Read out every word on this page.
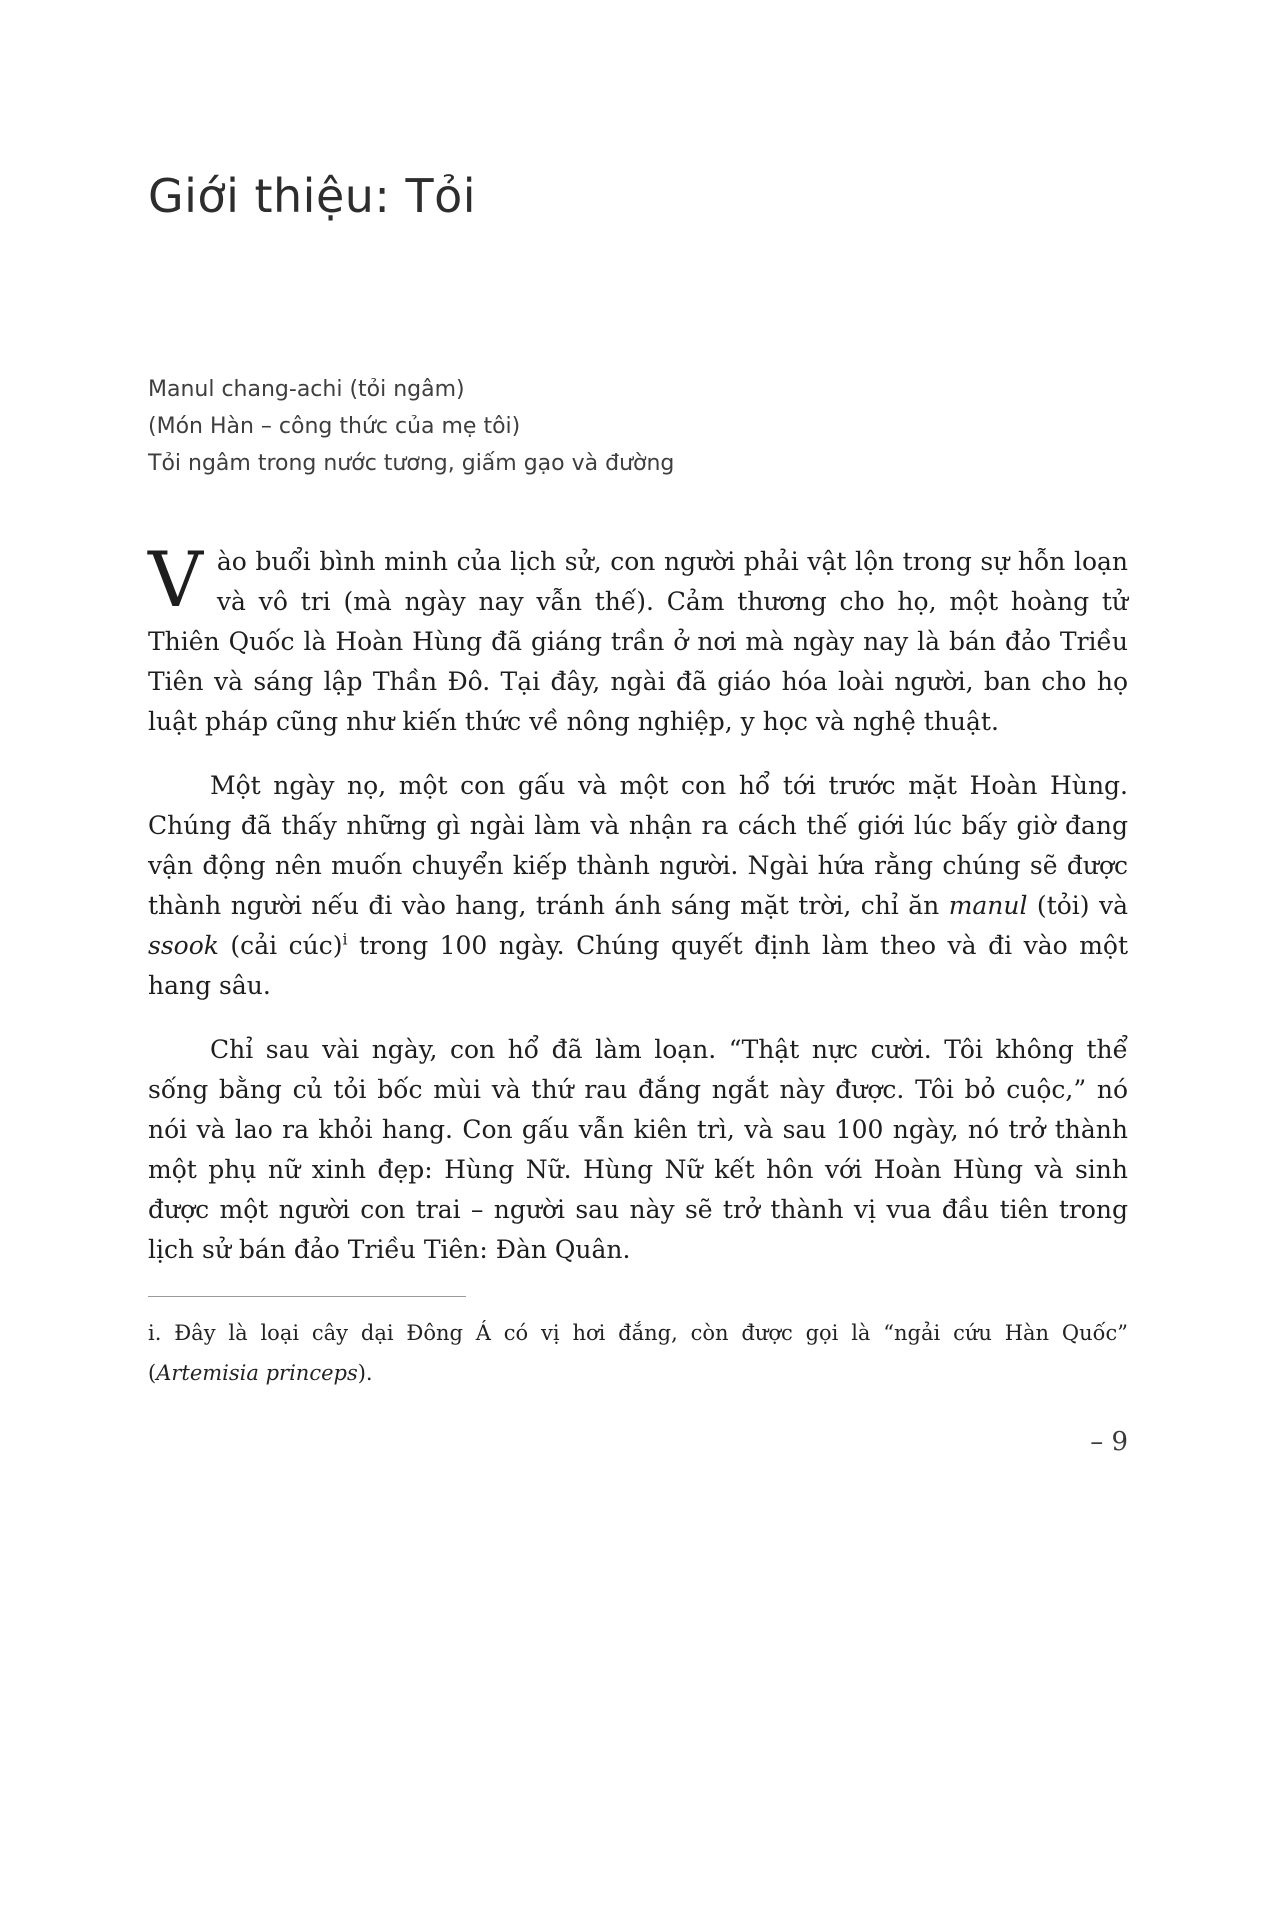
Giới thiệu: Tỏi

Manul chang-achi (tỏi ngâm)

(Món Hàn – công thức của mẹ tôi)

Tỏi ngâm trong nước tương, giấm gạo và đường

Vào buổi bình minh của lịch sử, con người phải vật lộn trong sự hỗn loạn và vô tri (mà ngày nay vẫn thế). Cảm thương cho họ, một hoàng tử Thiên Quốc là Hoàn Hùng đã giáng trần ở nơi mà ngày nay là bán đảo Triều Tiên và sáng lập Thần Đô. Tại đây, ngài đã giáo hóa loài người, ban cho họ luật pháp cũng như kiến thức về nông nghiệp, y học và nghệ thuật.

Một ngày nọ, một con gấu và một con hổ tới trước mặt Hoàn Hùng. Chúng đã thấy những gì ngài làm và nhận ra cách thế giới lúc bấy giờ đang vận động nên muốn chuyển kiếp thành người. Ngài hứa rằng chúng sẽ được thành người nếu đi vào hang, tránh ánh sáng mặt trời, chỉ ăn manul (tỏi) và ssook (cải cúc)$^i$ trong 100 ngày. Chúng quyết định làm theo và đi vào một hang sâu.

Chỉ sau vài ngày, con hổ đã làm loạn. “Thật nực cười. Tôi không thể sống bằng củ tỏi bốc mùi và thứ rau đắng ngắt này được. Tôi bỏ cuộc,” nó nói và lao ra khỏi hang. Con gấu vẫn kiên trì, và sau 100 ngày, nó trở thành một phụ nữ xinh đẹp: Hùng Nữ. Hùng Nữ kết hôn với Hoàn Hùng và sinh được một người con trai – người sau này sẽ trở thành vị vua đầu tiên trong lịch sử bán đảo Triều Tiên: Đàn Quân.

i. Đây là loại cây dại Đông Á có vị hơi đắng, còn được gọi là “ngải cứu Hàn Quốc” (Artemisia princeps).

– 9
